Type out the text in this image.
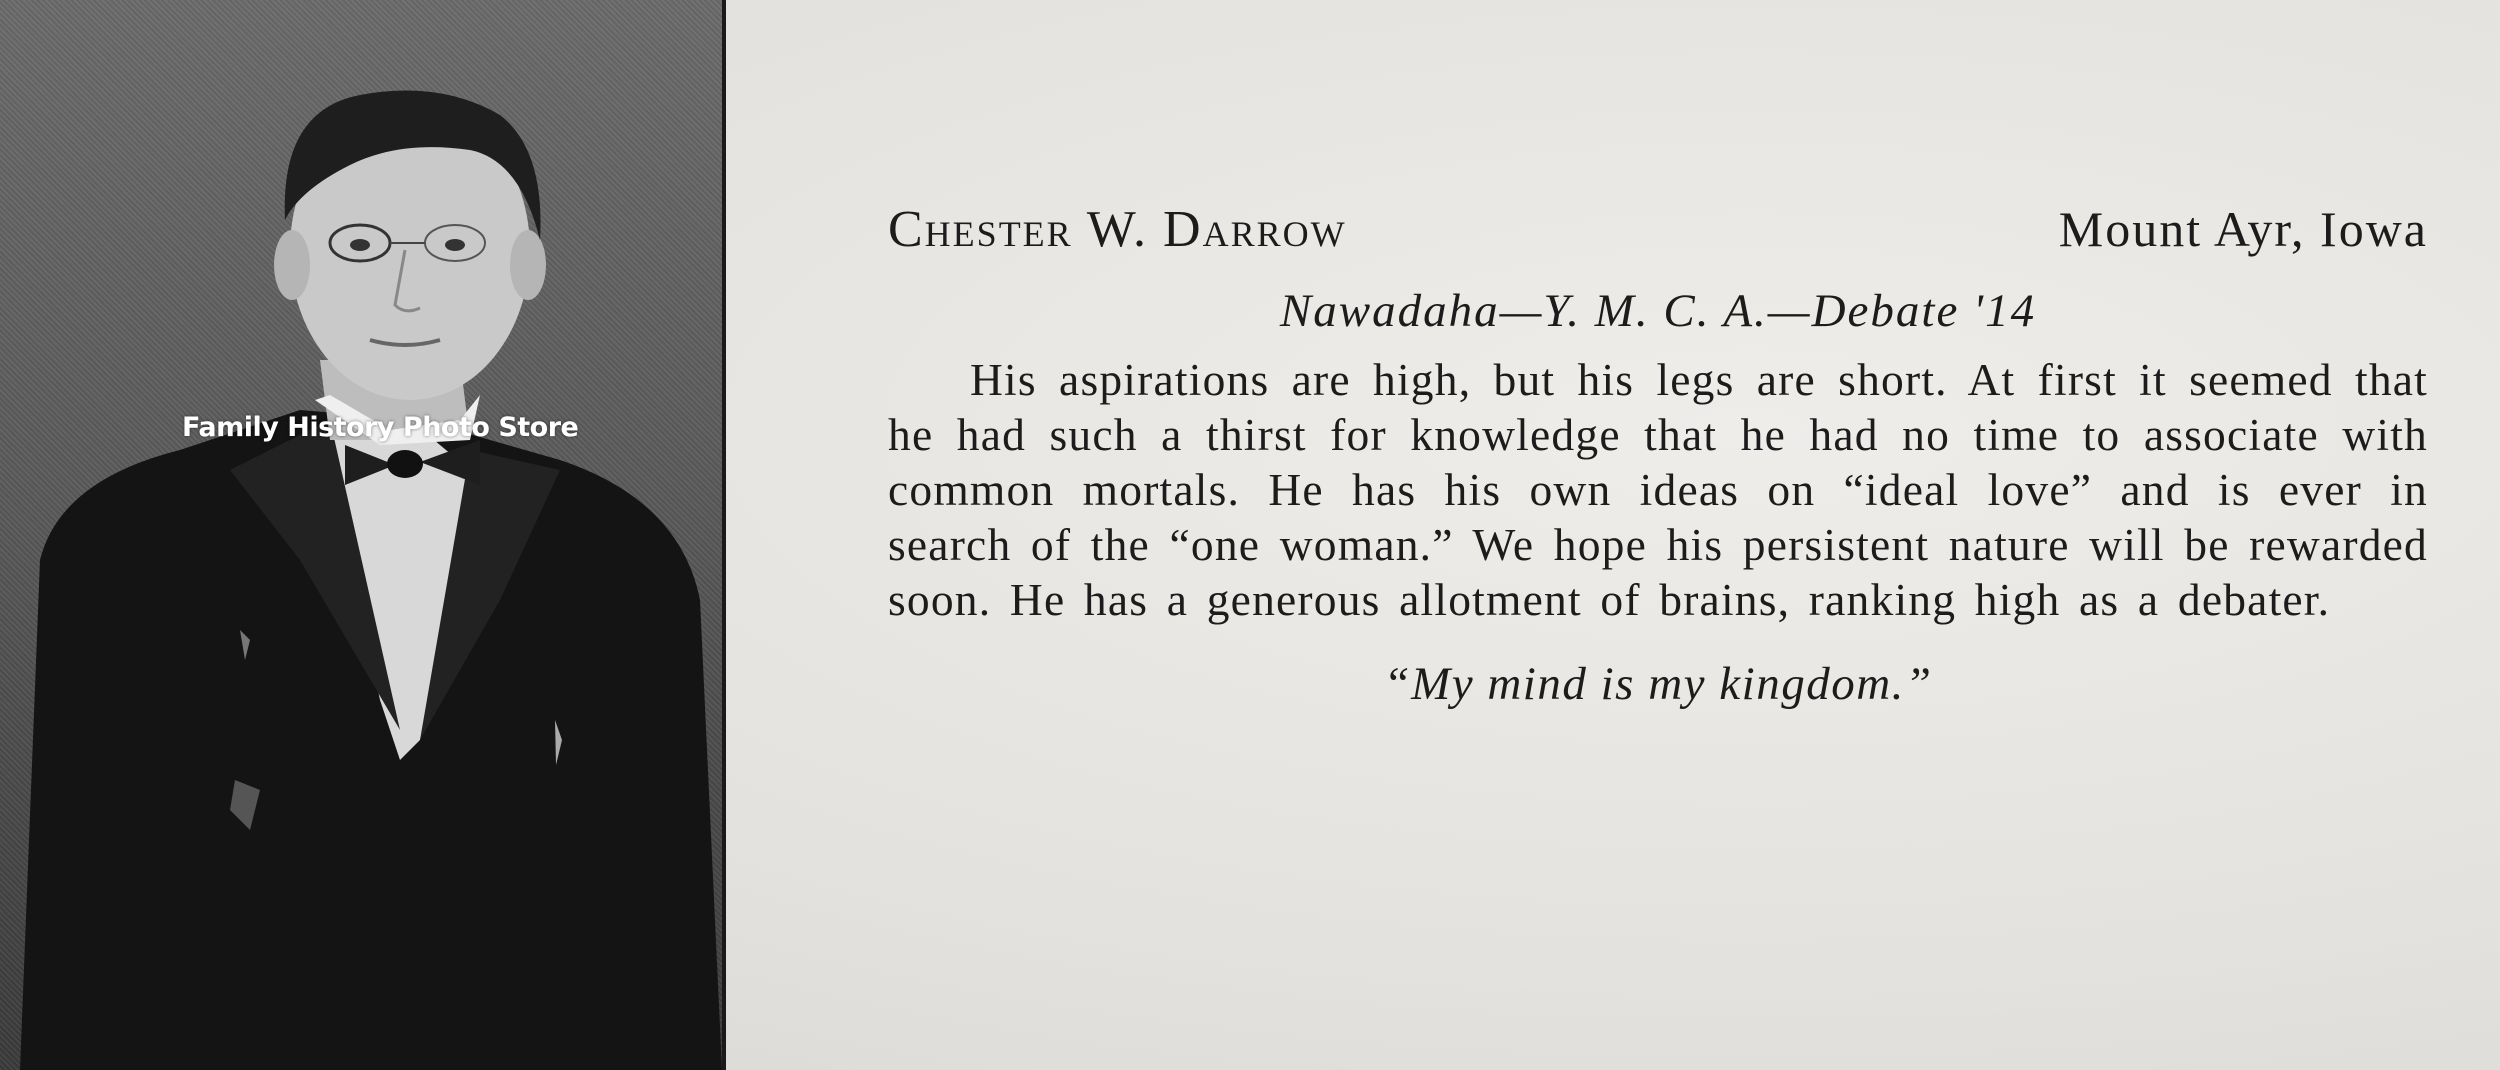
Family History Photo Store
Chester W. Darrow	Mount Ayr, Iowa
Nawadaha—Y. M. C. A.—Debate '14
His aspirations are high, but his legs are short. At first it seemed that he had such a thirst for knowledge that he had no time to associate with common mortals. He has his own ideas on “ideal love” and is ever in search of the “one woman.” We hope his persistent nature will be rewarded soon. He has a generous allotment of brains, ranking high as a debater.
“My mind is my kingdom.”
